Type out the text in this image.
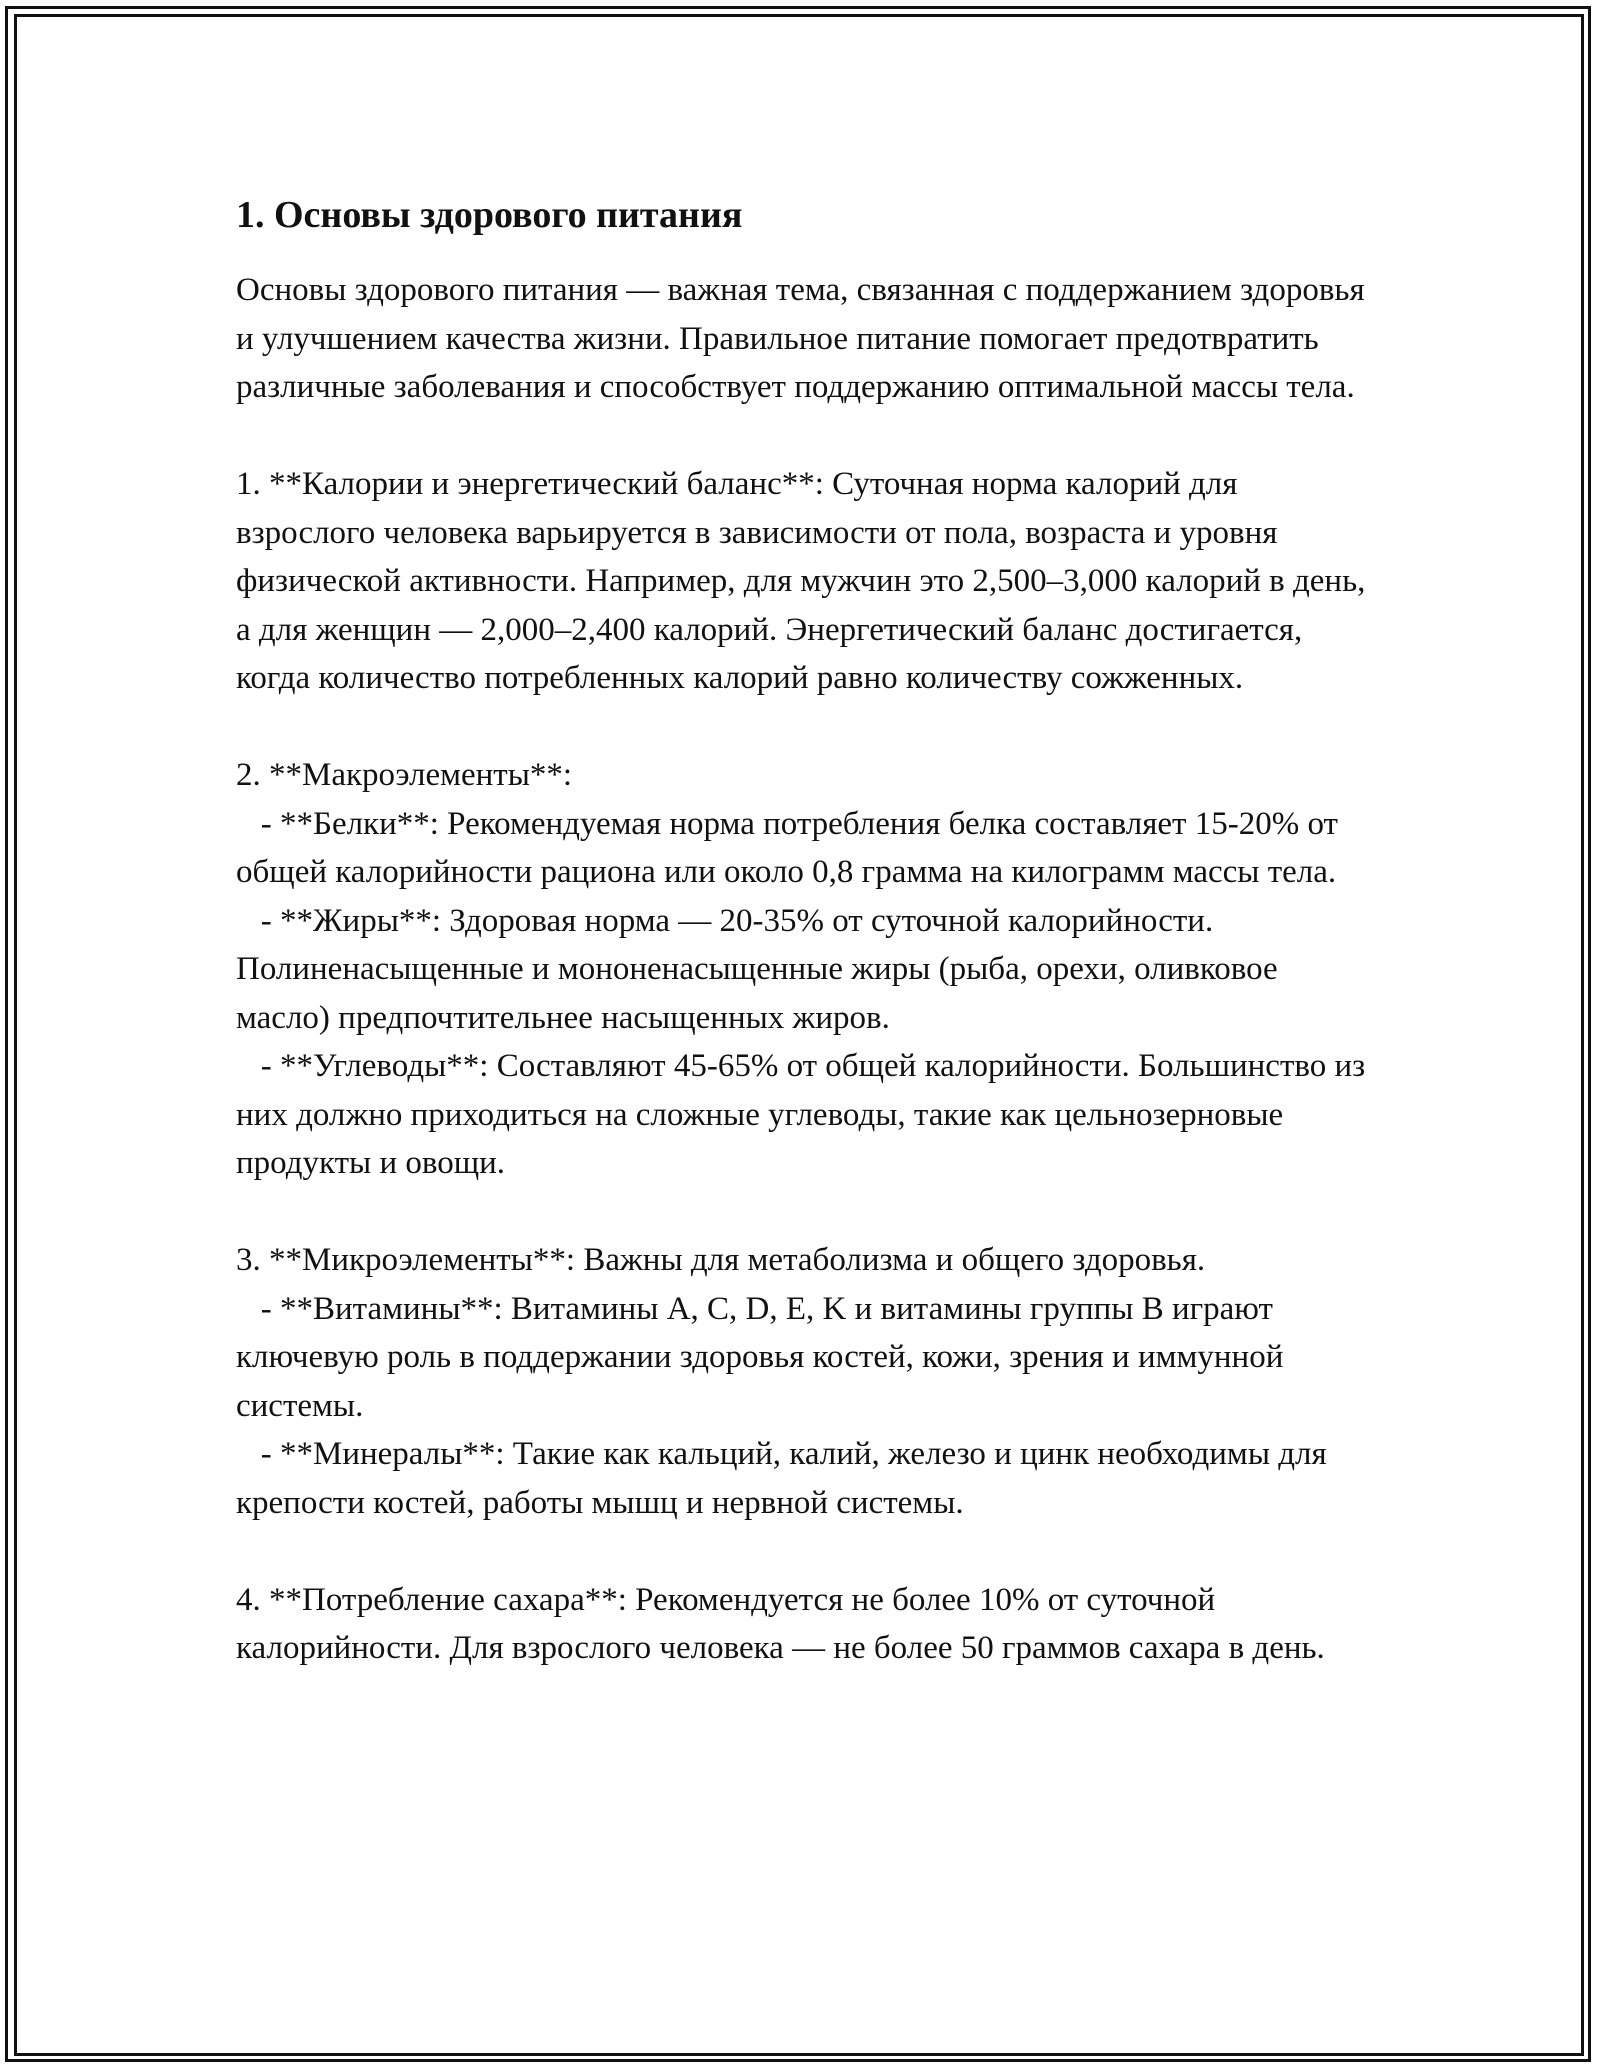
1. Основы здорового питания

Основы здорового питания — важная тема, связанная с поддержанием здоровья и улучшением качества жизни. Правильное питание помогает предотвратить различные заболевания и способствует поддержанию оптимальной массы тела.

1. **Калории и энергетический баланс**: Суточная норма калорий для взрослого человека варьируется в зависимости от пола, возраста и уровня физической активности. Например, для мужчин это 2,500–3,000 калорий в день, а для женщин — 2,000–2,400 калорий. Энергетический баланс достигается, когда количество потребленных калорий равно количеству сожженных.

2. **Макроэлементы**:
- **Белки**: Рекомендуемая норма потребления белка составляет 15-20% от общей калорийности рациона или около 0,8 грамма на килограмм массы тела.
- **Жиры**: Здоровая норма — 20-35% от суточной калорийности. Полиненасыщенные и мононенасыщенные жиры (рыба, орехи, оливковое масло) предпочтительнее насыщенных жиров.
- **Углеводы**: Составляют 45-65% от общей калорийности. Большинство из них должно приходиться на сложные углеводы, такие как цельнозерновые продукты и овощи.

3. **Микроэлементы**: Важны для метаболизма и общего здоровья.
- **Витамины**: Витамины A, C, D, E, K и витамины группы B играют ключевую роль в поддержании здоровья костей, кожи, зрения и иммунной системы.
- **Минералы**: Такие как кальций, калий, железо и цинк необходимы для крепости костей, работы мышц и нервной системы.

4. **Потребление сахара**: Рекомендуется не более 10% от суточной калорийности. Для взрослого человека — не более 50 граммов сахара в день.
